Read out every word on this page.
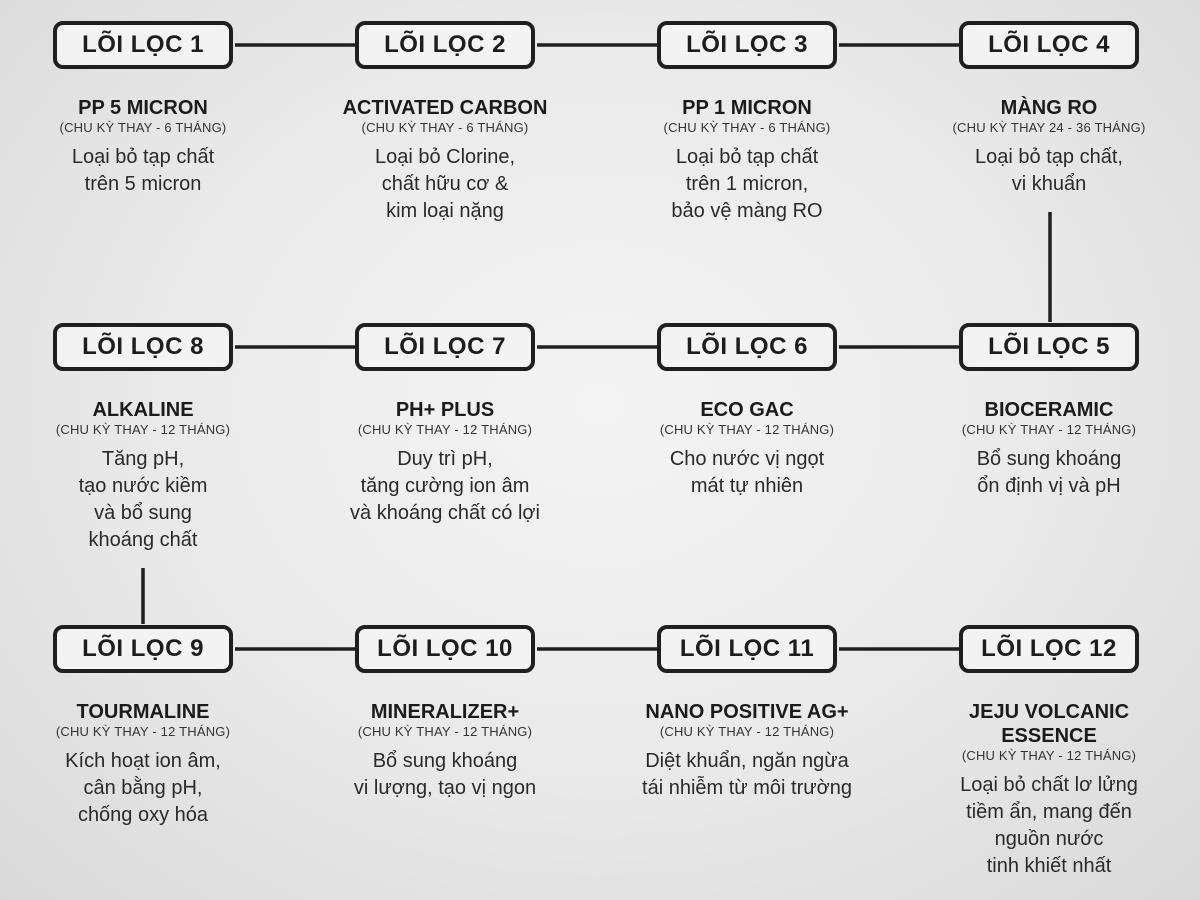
LÕI LỌC 1	LÕI LỌC 2	LÕI LỌC 3	LÕI LỌC 4
PP 5 MICRON
(CHU KỲ THAY - 6 THÁNG)
Loại bỏ tạp chất
trên 5 micron
ACTIVATED CARBON
(CHU KỲ THAY - 6 THÁNG)
Loại bỏ Clorine,
chất hữu cơ &
kim loại nặng
PP 1 MICRON
(CHU KỲ THAY - 6 THÁNG)
Loại bỏ tạp chất
trên 1 micron,
bảo vệ màng RO
MÀNG RO
(CHU KỲ THAY 24 - 36 THÁNG)
Loại bỏ tạp chất,
vi khuẩn
LÕI LỌC 8	LÕI LỌC 7	LÕI LỌC 6	LÕI LỌC 5
ALKALINE
(CHU KỲ THAY - 12 THÁNG)
Tăng pH,
tạo nước kiềm
và bổ sung
khoáng chất
PH+ PLUS
(CHU KỲ THAY - 12 THÁNG)
Duy trì pH,
tăng cường ion âm
và khoáng chất có lợi
ECO GAC
(CHU KỲ THAY - 12 THÁNG)
Cho nước vị ngọt
mát tự nhiên
BIOCERAMIC
(CHU KỲ THAY - 12 THÁNG)
Bổ sung khoáng
ổn định vị và pH
LÕI LỌC 9	LÕI LỌC 10	LÕI LỌC 11	LÕI LỌC 12
TOURMALINE
(CHU KỲ THAY - 12 THÁNG)
Kích hoạt ion âm,
cân bằng pH,
chống oxy hóa
MINERALIZER+
(CHU KỲ THAY - 12 THÁNG)
Bổ sung khoáng
vi lượng, tạo vị ngon
NANO POSITIVE AG+
(CHU KỲ THAY - 12 THÁNG)
Diệt khuẩn, ngăn ngừa
tái nhiễm từ môi trường
JEJU VOLCANIC
ESSENCE
(CHU KỲ THAY - 12 THÁNG)
Loại bỏ chất lơ lửng
tiềm ẩn, mang đến
nguồn nước
tinh khiết nhất
